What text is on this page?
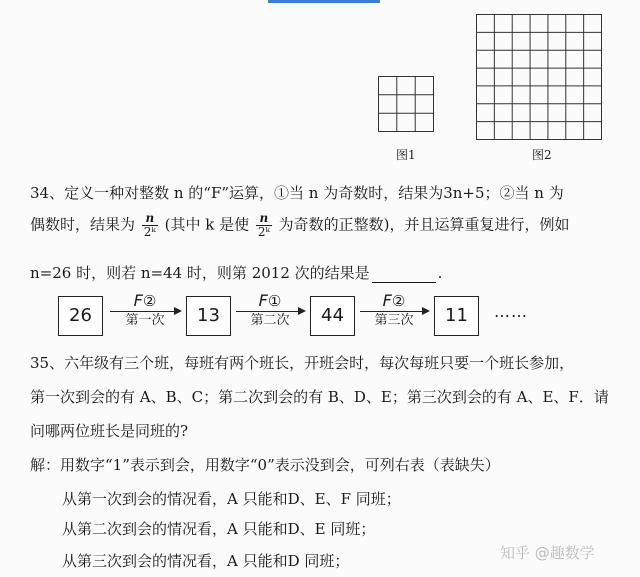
图1	图2
34、定义一种对整数 n 的“F”运算，①当 n 为奇数时，结果为3n+5；②当 n 为
偶数时，结果为 $\frac{n}{\text{2ᵏ}}$ (其中 k 是使 $\frac{n}{\text{2ᵏ}}$ 为奇数的正整数)，并且运算重复进行，例如
n=26 时，则若 n=44 时，则第 2012 次的结果是	.
26
F②
第一次	13
F①
第二次	44
F②
第三次	11	……
35、六年级有三个班，每班有两个班长，开班会时，每次每班只要一个班长参加，
第一次到会的有 A、B、C；第二次到会的有 B、D、E；第三次到会的有 A、E、F．请
问哪两位班长是同班的?
解：用数字“1”表示到会，用数字“0”表示没到会，可列右表（表缺失）
从第一次到会的情况看，A 只能和D、E、F 同班；
从第二次到会的情况看，A 只能和D、E 同班；
从第三次到会的情况看，A 只能和D 同班；	知乎 @趣数学
